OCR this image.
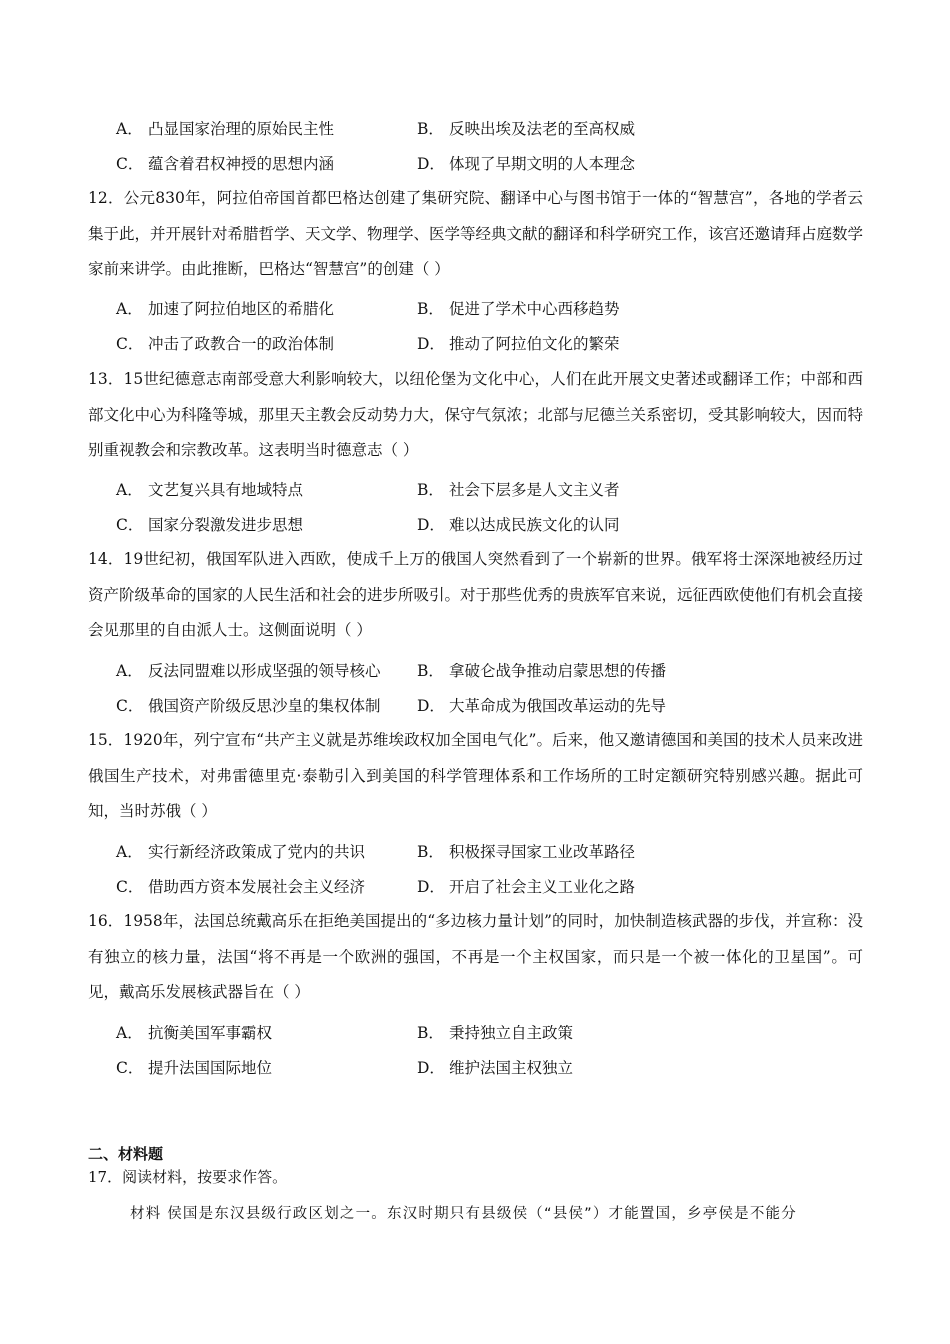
A． 凸显国家治理的原始民主性	B． 反映出埃及法老的至高权威
C． 蕴含着君权神授的思想内涵	D． 体现了早期文明的人本理念
12．公元830年，阿拉伯帝国首都巴格达创建了集研究院、翻译中心与图书馆于一体的“智慧宫”，各地的学者云集于此，并开展针对希腊哲学、天文学、物理学、医学等经典文献的翻译和科学研究工作，该宫还邀请拜占庭数学家前来讲学。由此推断，巴格达“智慧宫”的创建（ ）
A． 加速了阿拉伯地区的希腊化	B． 促进了学术中心西移趋势
C． 冲击了政教合一的政治体制	D． 推动了阿拉伯文化的繁荣
13．15世纪德意志南部受意大利影响较大，以纽伦堡为文化中心，人们在此开展文史著述或翻译工作；中部和西部文化中心为科隆等城，那里天主教会反动势力大，保守气氛浓；北部与尼德兰关系密切，受其影响较大，因而特别重视教会和宗教改革。这表明当时德意志（ ）
A． 文艺复兴具有地域特点	B． 社会下层多是人文主义者
C． 国家分裂激发进步思想	D． 难以达成民族文化的认同
14．19世纪初，俄国军队进入西欧，使成千上万的俄国人突然看到了一个崭新的世界。俄军将士深深地被经历过资产阶级革命的国家的人民生活和社会的进步所吸引。对于那些优秀的贵族军官来说，远征西欧使他们有机会直接会见那里的自由派人士。这侧面说明（ ）
A． 反法同盟难以形成坚强的领导核心 B． 拿破仑战争推动启蒙思想的传播
C． 俄国资产阶级反思沙皇的集权体制 D． 大革命成为俄国改革运动的先导
15．1920年，列宁宣布“共产主义就是苏维埃政权加全国电气化”。后来，他又邀请德国和美国的技术人员来改进俄国生产技术，对弗雷德里克·泰勒引入到美国的科学管理体系和工作场所的工时定额研究特别感兴趣。据此可知，当时苏俄（ ）
A． 实行新经济政策成了党内的共识	B． 积极探寻国家工业改革路径
C． 借助西方资本发展社会主义经济	D． 开启了社会主义工业化之路
16．1958年，法国总统戴高乐在拒绝美国提出的“多边核力量计划”的同时，加快制造核武器的步伐，并宣称：没有独立的核力量，法国“将不再是一个欧洲的强国，不再是一个主权国家，而只是一个被一体化的卫星国”。可见，戴高乐发展核武器旨在（ ）
A． 抗衡美国军事霸权	B． 秉持独立自主政策
C． 提升法国国际地位	D． 维护法国主权独立
二、材料题
17．阅读材料，按要求作答。
材料 侯国是东汉县级行政区划之一。东汉时期只有县级侯（“县侯”）才能置国，乡亭侯是不能分
